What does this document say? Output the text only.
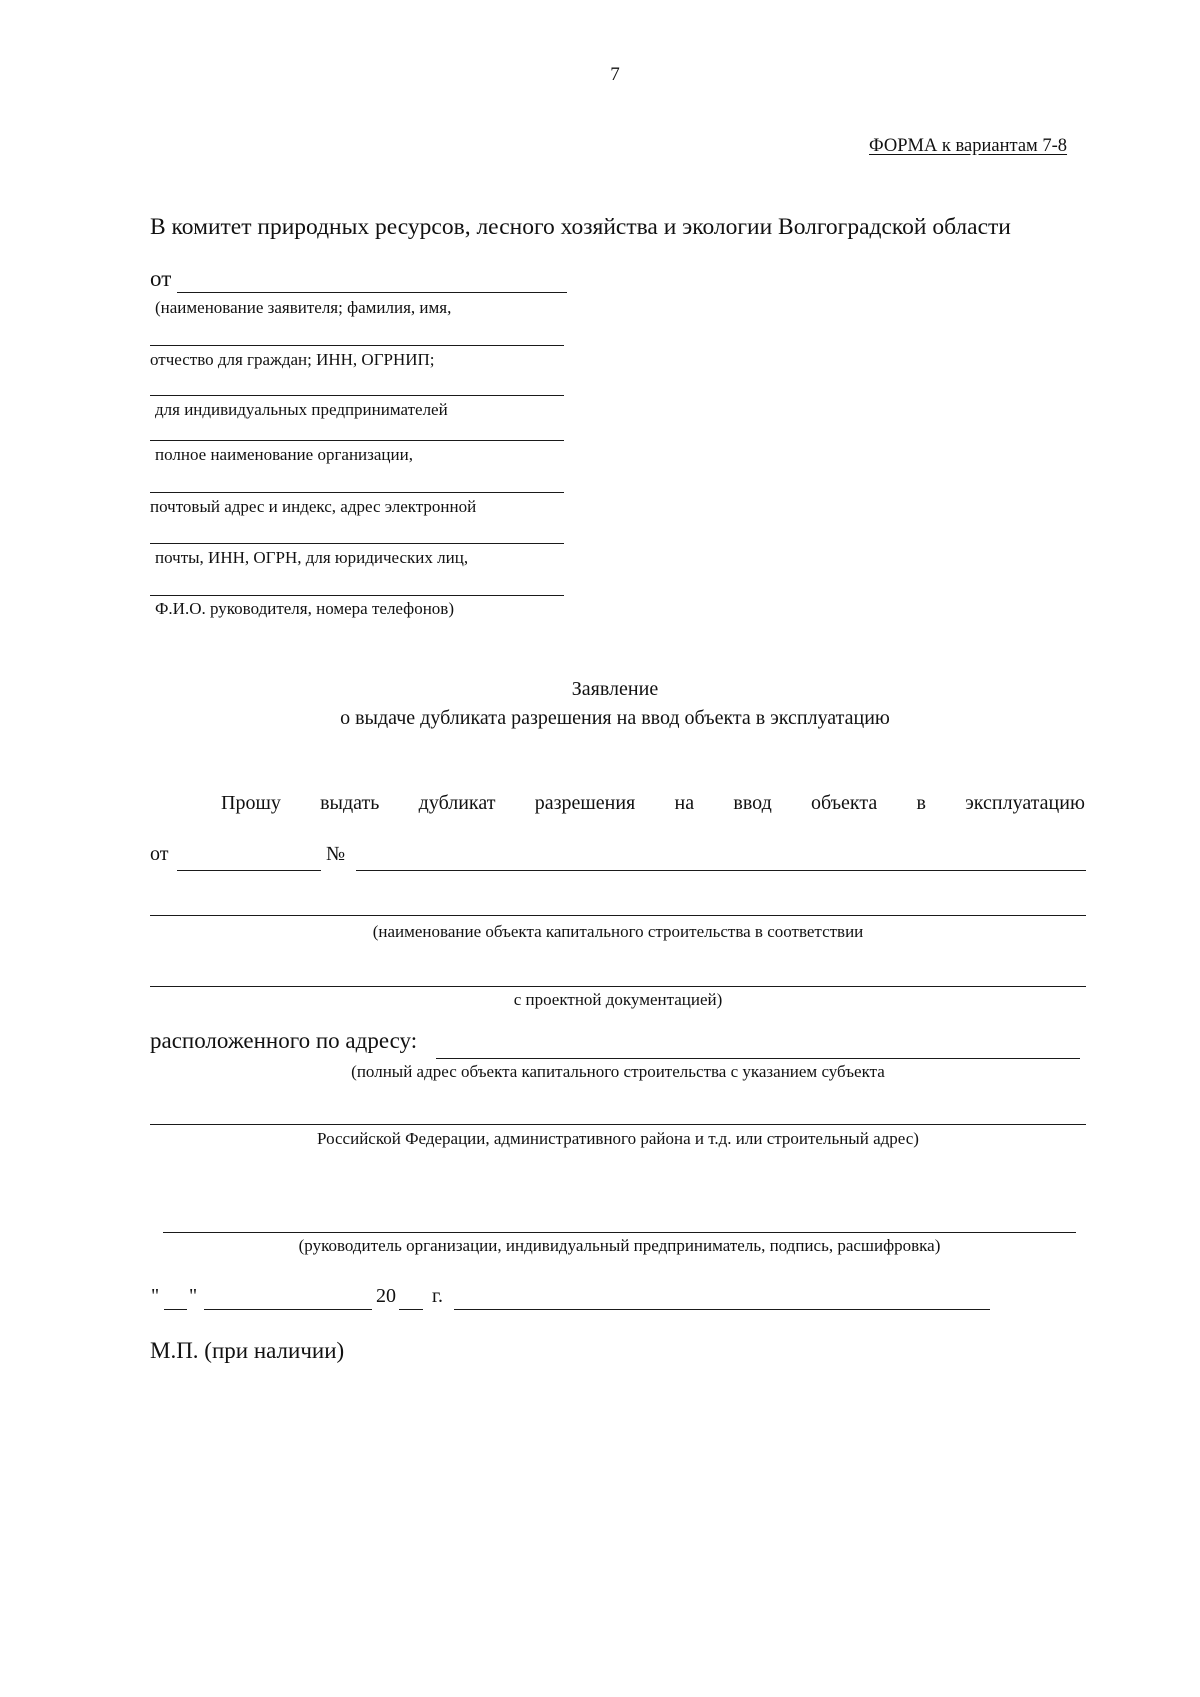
7
ФОРМА к вариантам 7-8
В комитет природных ресурсов, лесного хозяйства и экологии Волгоградской области
от
(наименование заявителя; фамилия, имя,
отчество для граждан; ИНН, ОГРНИП;
для индивидуальных предпринимателей
полное наименование организации,
почтовый адрес и индекс, адрес электронной
почты, ИНН, ОГРН, для юридических лиц,
Ф.И.О. руководителя, номера телефонов)
Заявление
о выдаче дубликата разрешения на ввод объекта в эксплуатацию
Прошу выдать дубликат разрешения на ввод объекта в эксплуатацию
от	№
(наименование объекта капитального строительства в соответствии
с проектной документацией)
расположенного по адресу:
(полный адрес объекта капитального строительства с указанием субъекта
Российской Федерации, административного района и т.д. или строительный адрес)
(руководитель организации, индивидуальный предприниматель, подпись, расшифровка)
" "	20 г.
М.П. (при наличии)
